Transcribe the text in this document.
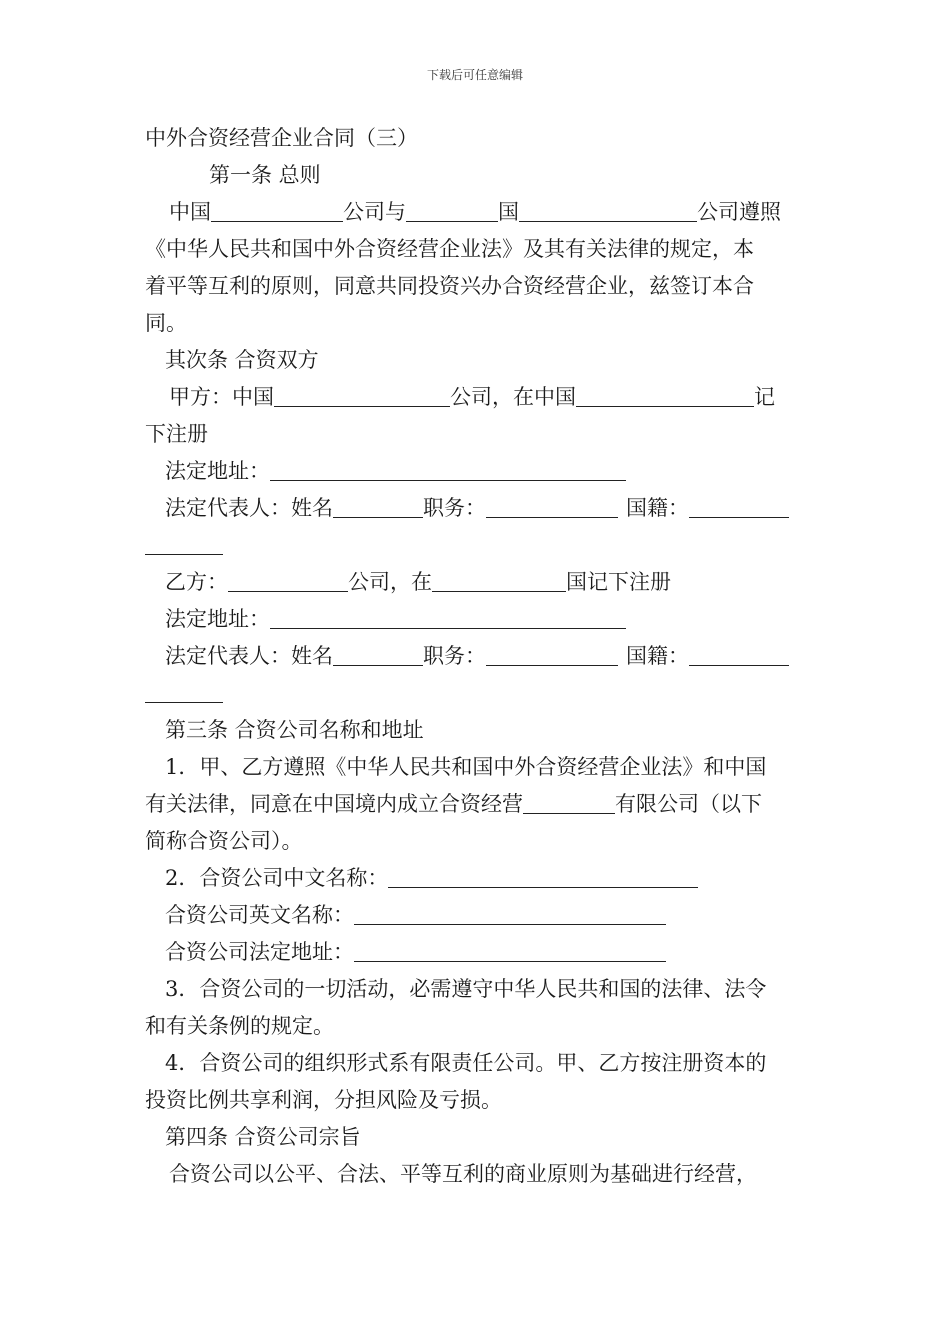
下载后可任意编辑

中外合资经营企业合同（三）

第一条 总则

中国	公司与	国	公司遵照

《中华人民共和国中外合资经营企业法》及其有关法律的规定，本

着平等互利的原则，同意共同投资兴办合资经营企业，兹签订本合

同。

其次条 合资双方

甲方：中国	公司，在中国	记

下注册

法定地址：

法定代表人：姓名	职务：	国籍：

乙方：	公司，在	国记下注册

法定地址：

法定代表人：姓名	职务：	国籍：

第三条 合资公司名称和地址

1．甲、乙方遵照《中华人民共和国中外合资经营企业法》和中国

有关法律，同意在中国境内成立合资经营	有限公司（以下

简称合资公司）。

2．合资公司中文名称：

合资公司英文名称：

合资公司法定地址：

3．合资公司的一切活动，必需遵守中华人民共和国的法律、法令

和有关条例的规定。

4．合资公司的组织形式系有限责任公司。甲、乙方按注册资本的

投资比例共享利润，分担风险及亏损。

第四条 合资公司宗旨

合资公司以公平、合法、平等互利的商业原则为基础进行经营，
